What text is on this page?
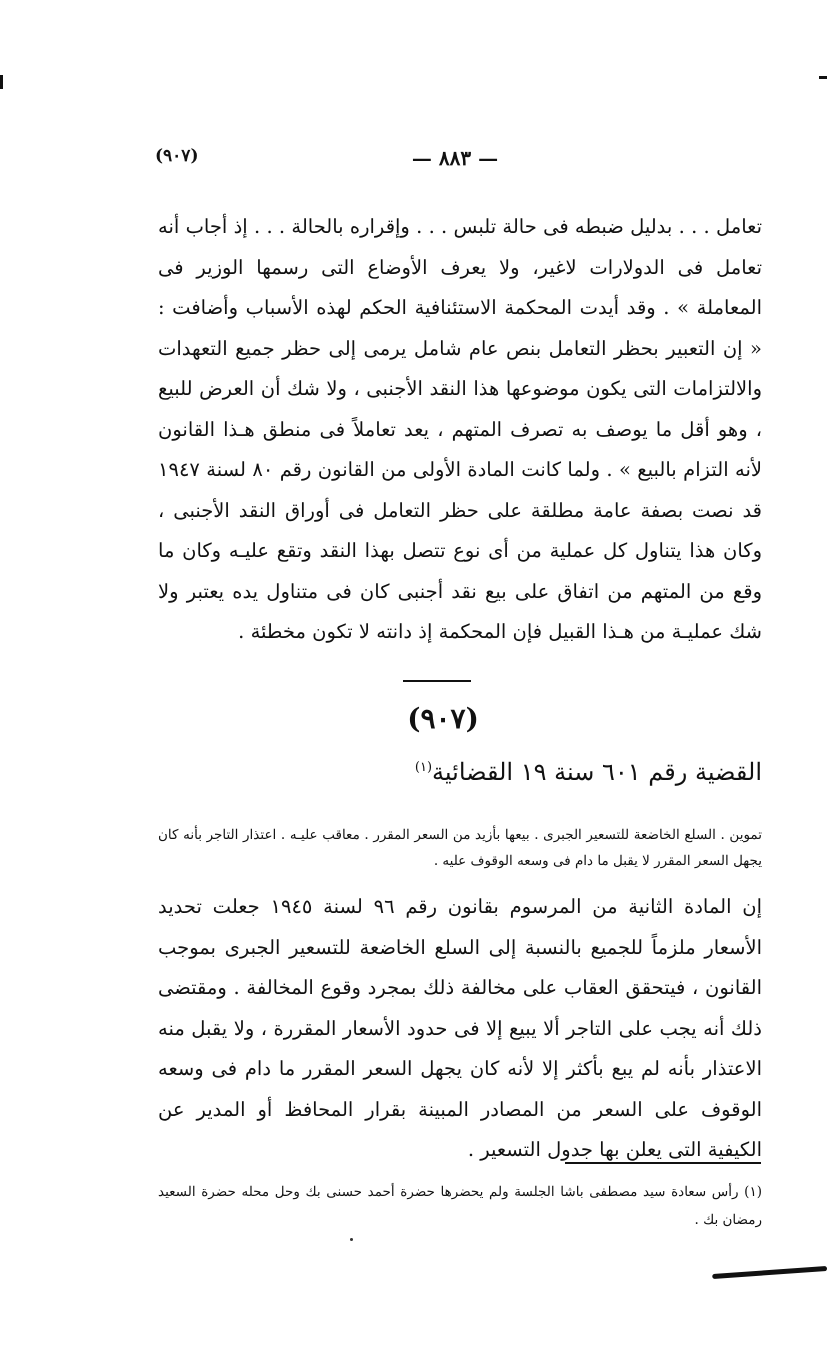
(٩٠٧)	— ٨٨٣ —

تعامل . . . بدليل ضبطه فى حالة تلبس . . . وإقراره بالحالة . . . إذ أجاب أنه تعامل فى الدولارات لاغير، ولا يعرف الأوضاع التى رسمها الوزير فى المعاملة » . وقد أيدت المحكمة الاستئنافية الحكم لهذه الأسباب وأضافت : « إن التعبير بحظر التعامل بنص عام شامل يرمى إلى حظر جميع التعهدات والالتزامات التى يكون موضوعها هذا النقد الأجنبى ، ولا شك أن العرض للبيع ، وهو أقل ما يوصف به تصرف المتهم ، يعد تعاملاً فى منطق هـذا القانون لأنه التزام بالبيع » . ولما كانت المادة الأولى من القانون رقم ٨٠ لسنة ١٩٤٧ قد نصت بصفة عامة مطلقة على حظر التعامل فى أوراق النقد الأجنبى ، وكان هذا يتناول كل عملية من أى نوع تتصل بهذا النقد وتقع عليـه وكان ما وقع من المتهم من اتفاق على بيع نقد أجنبى كان فى متناول يده يعتبر ولا شك عمليـة من هـذا القبيل فإن المحكمة إذ دانته لا تكون مخطئة .

(٩٠٧)
القضية رقم ٦٠١ سنة ١٩ القضائية$^{(١)}$

تموين . السلع الخاضعة للتسعير الجبرى . بيعها بأزيد من السعر المقرر . معاقب عليـه . اعتذار التاجر بأنه كان يجهل السعر المقرر لا يقبل ما دام فى وسعه الوقوف عليه .

إن المادة الثانية من المرسوم بقانون رقم ٩٦ لسنة ١٩٤٥ جعلت تحديد الأسعار ملزماً للجميع بالنسبة إلى السلع الخاضعة للتسعير الجبرى بموجب القانون ، فيتحقق العقاب على مخالفة ذلك بمجرد وقوع المخالفة . ومقتضى ذلك أنه يجب على التاجر ألا يبيع إلا فى حدود الأسعار المقررة ، ولا يقبل منه الاعتذار بأنه لم يبع بأكثر إلا لأنه كان يجهل السعر المقرر ما دام فى وسعه الوقوف على السعر من المصادر المبينة بقرار المحافظ أو المدير عن الكيفية التى يعلن بها جدول التسعير .

(١) رأس سعادة سيد مصطفى باشا الجلسة ولم يحضرها حضرة أحمد حسنى بك وحل محله حضرة السعيد رمضان بك .
